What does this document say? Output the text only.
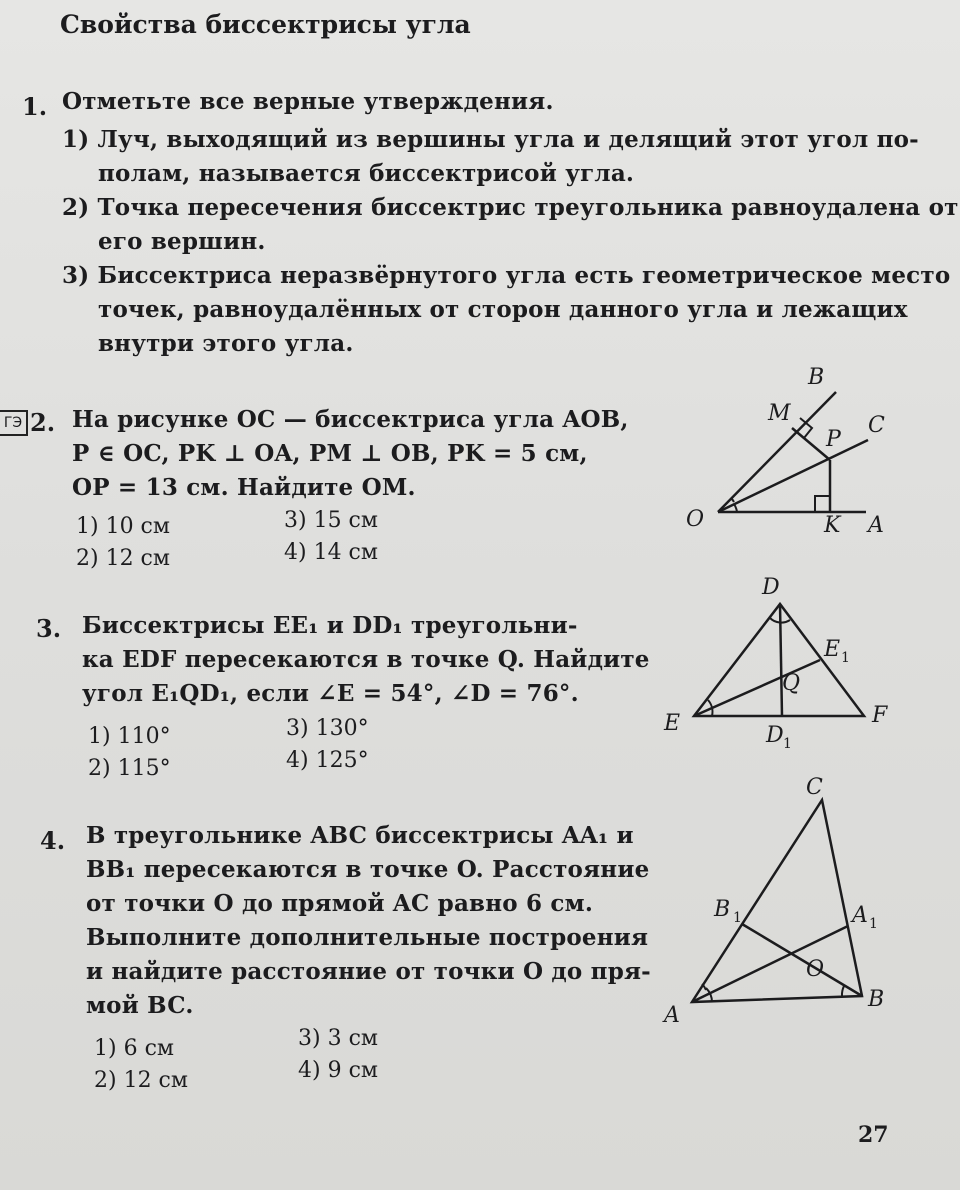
Свойства биссектрисы угла
1. Отметьте все верные утверждения.
1) Луч, выходящий из вершины угла и делящий этот угол по-
полам, называется биссектрисой угла.
2) Точка пересечения биссектрис треугольника равноудалена от
его вершин.
3) Биссектриса неразвёрнутого угла есть геометрическое место
точек, равноудалённых от сторон данного угла и лежащих
внутри этого угла.
ГЭ 2. На рисунке OC — биссектриса угла AOB,
P ∈ OC, PK ⊥ OA, PM ⊥ OB, PK = 5 см,
OP = 13 см. Найдите OM.
1) 10 см
2) 12 см
3) 15 см
4) 14 см
O	K A
B
M
P
C
3. Биссектрисы EE₁ и DD₁ треугольни-
ка EDF пересекаются в точке Q. Найдите
угол E₁QD₁, если ∠E = 54°, ∠D = 76°.
1) 110°
2) 115°
3) 130°
4) 125°
D
E 1
Q
E	F
D 1
4. В треугольнике ABC биссектрисы AA₁ и
BB₁ пересекаются в точке O. Расстояние
от точки O до прямой AC равно 6 см.
Выполните дополнительные построения
и найдите расстояние от точки O до пря-
мой BC.
1) 6 см
2) 12 см
3) 3 см
4) 9 см
C
B 1	A 1
O
A
B
27
